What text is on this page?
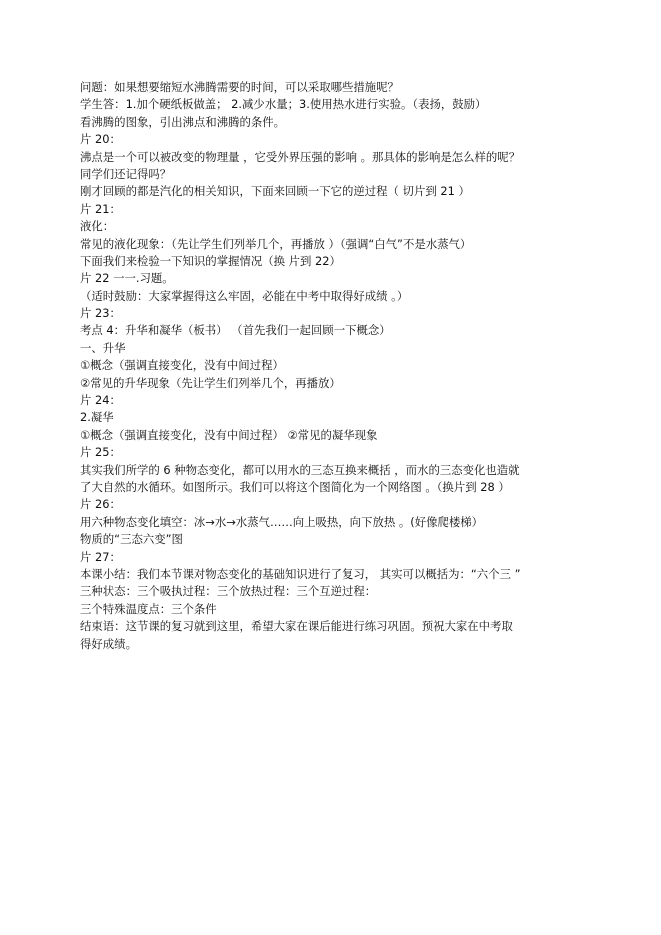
问题：如果想要缩短水沸腾需要的时间，可以采取哪些措施呢？
学生答：1.加个硬纸板做盖； 2.减少水量；3.使用热水进行实验。（表扬，鼓励）
看沸腾的图象，引出沸点和沸腾的条件。
片 20：
沸点是一个可以被改变的物理量 ，它受外界压强的影响 。那具体的影响是怎么样的呢？
同学们还记得吗？
刚才回顾的都是汽化的相关知识，下面来回顾一下它的逆过程（ 切片到 21 ）
片 21：
液化：
常见的液化现象：（先让学生们列举几个，再播放 ）（强调“白气”不是水蒸气）
下面我们来检验一下知识的掌握情况（换 片到 22）
片 22 一一.习题。
（适时鼓励：大家掌握得这么牢固，必能在中考中取得好成绩 。）
片 23：
考点 4：升华和凝华（板书） （首先我们一起回顾一下概念）
一、升华
①概念（强调直接变化，没有中间过程）
②常见的升华现象（先让学生们列举几个，再播放）
片 24：
2.凝华
①概念（强调直接变化，没有中间过程） ②常见的凝华现象
片 25：
其实我们所学的 6 种物态变化，都可以用水的三态互换来概括 ，而水的三态变化也造就
了大自然的水循环。如图所示。我们可以将这个图简化为一个网络图 。（换片到 28 ）
片 26：
用六种物态变化填空：冰→水→水蒸气……向上吸热，向下放热 。(好像爬楼梯）
物质的“三态六变”图
片 27：
本课小结：我们本节课对物态变化的基础知识进行了复习， 其实可以概括为：“六个三 ”
三种状态：三个吸执过程：三个放热过程：三个互逆过程：
三个特殊温度点：三个条件
结束语：这节课的复习就到这里，希望大家在课后能进行练习巩固。预祝大家在中考取
得好成绩。
